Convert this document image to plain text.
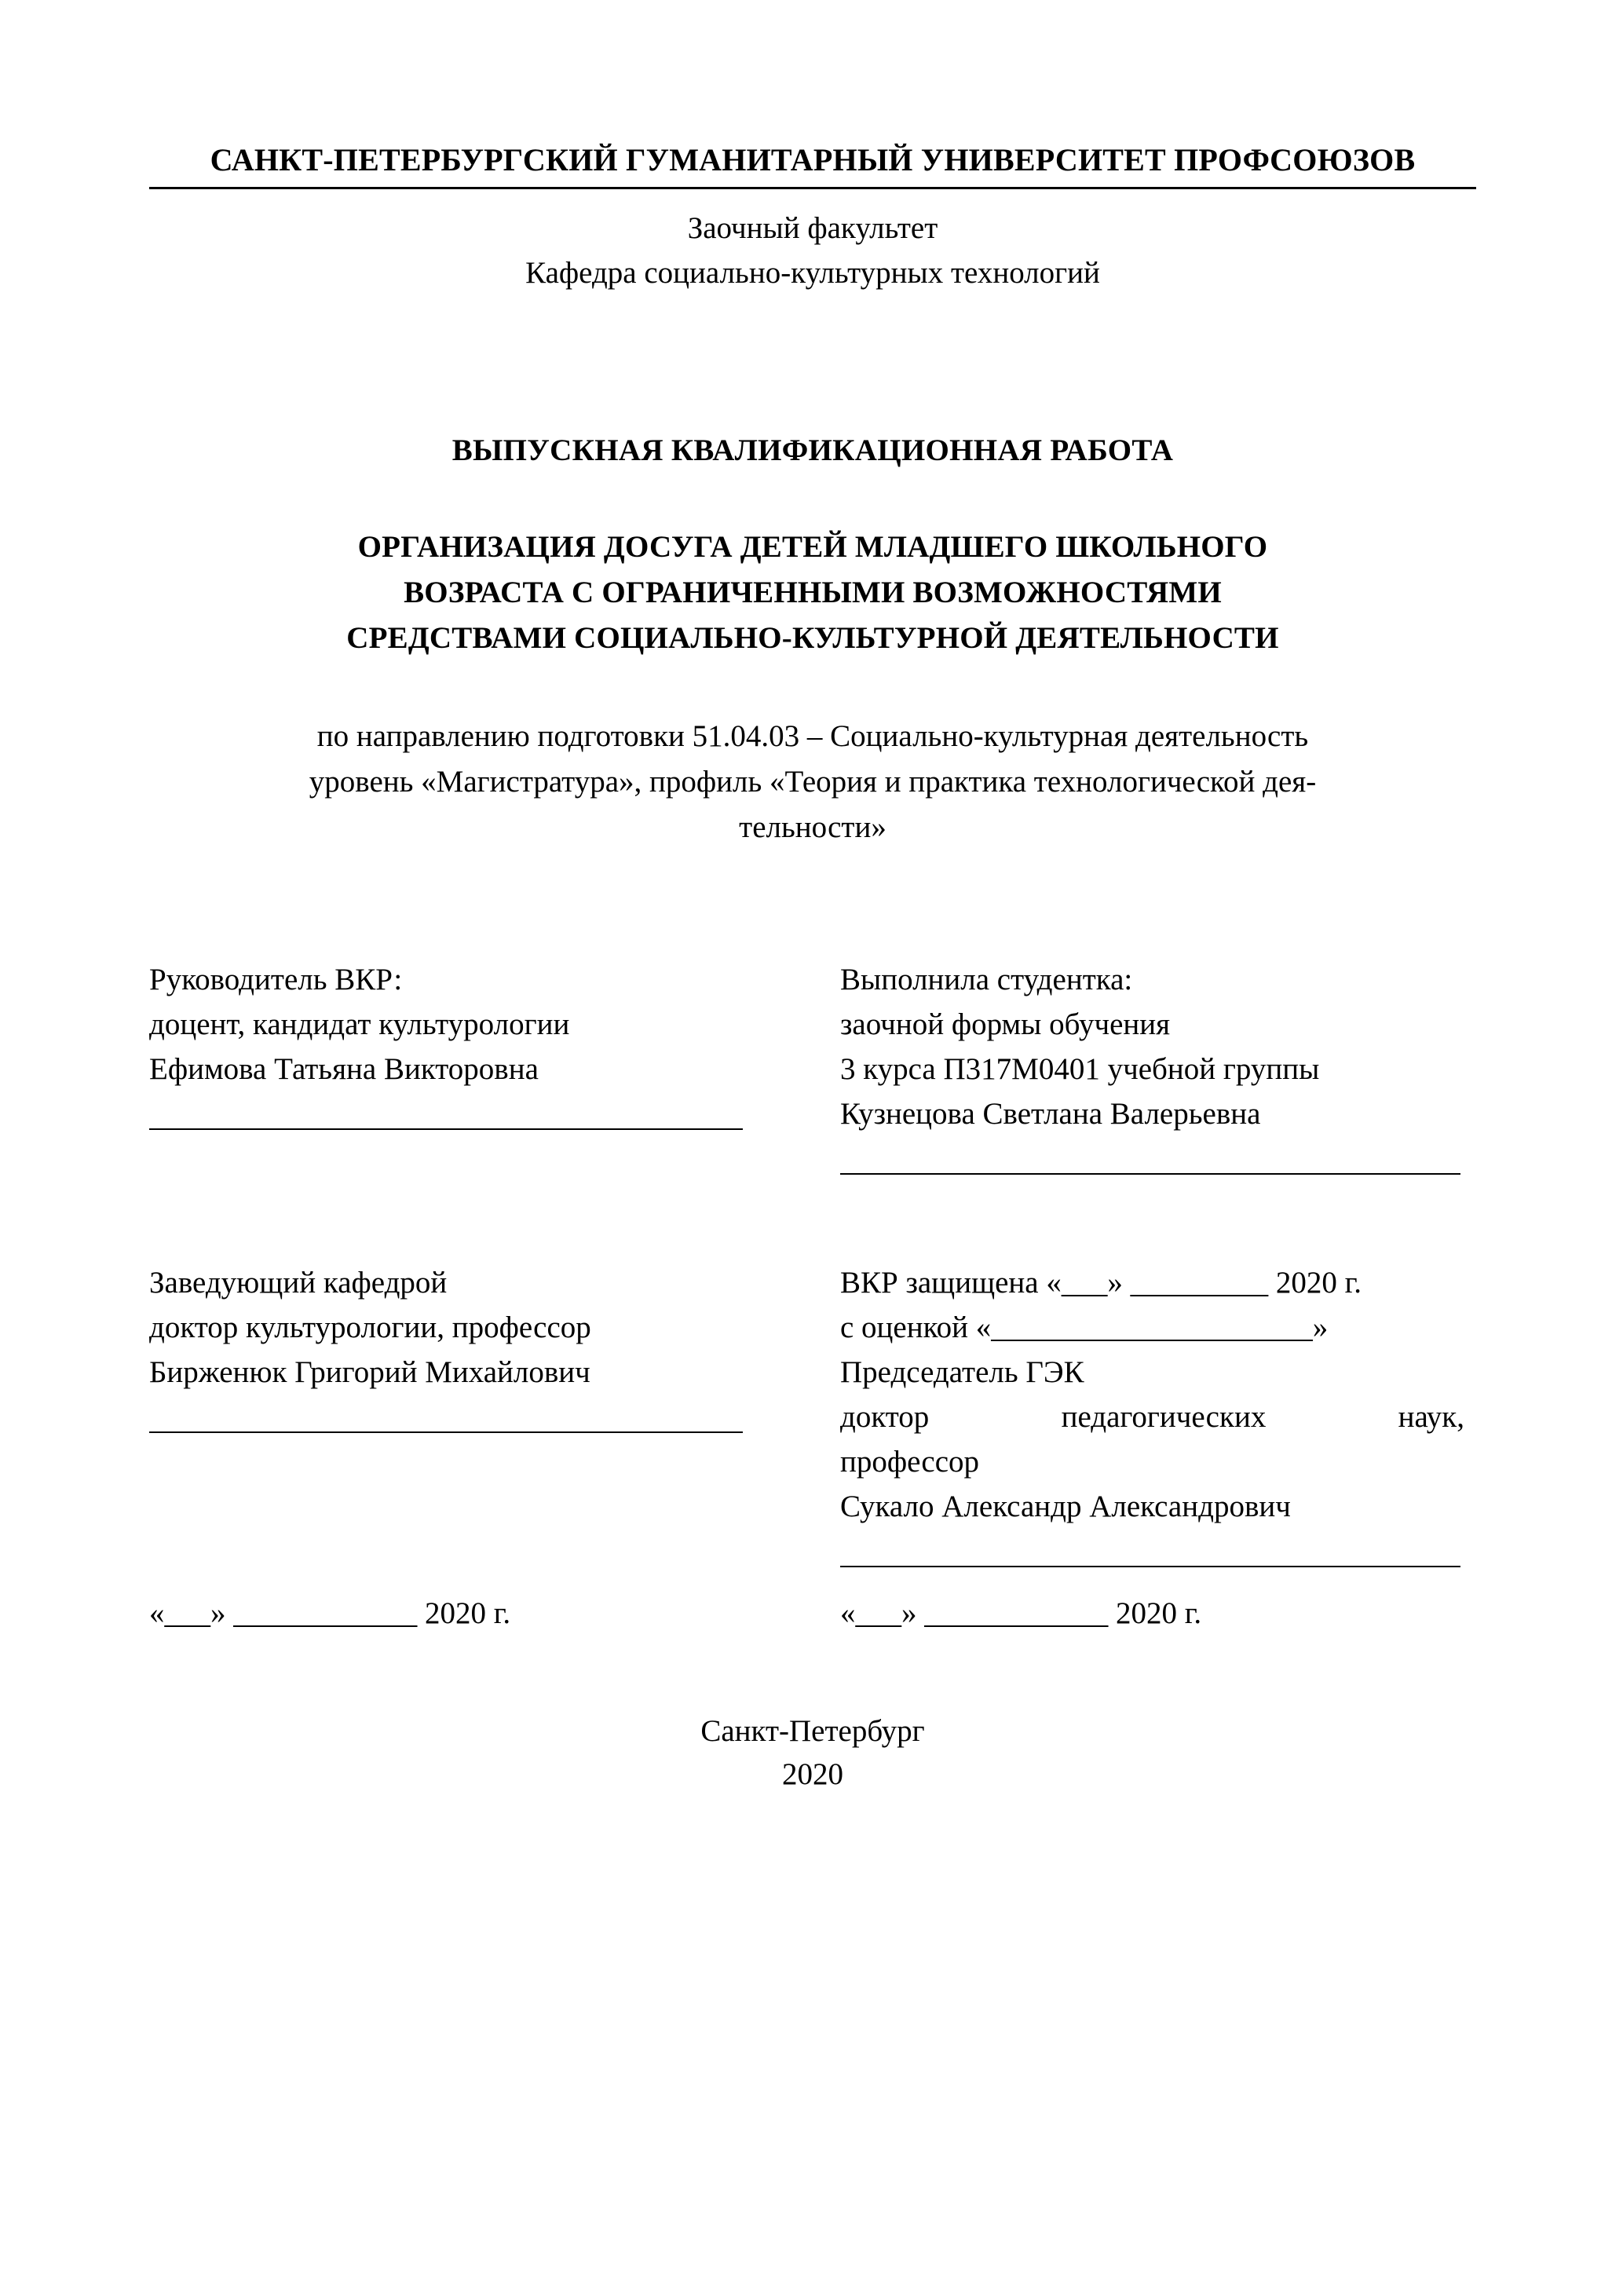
САНКТ-ПЕТЕРБУРГСКИЙ ГУМАНИТАРНЫЙ УНИВЕРСИТЕТ ПРОФСОЮЗОВ
Заочный факультет
Кафедра социально-культурных технологий
ВЫПУСКНАЯ КВАЛИФИКАЦИОННАЯ РАБОТА
ОРГАНИЗАЦИЯ ДОСУГА ДЕТЕЙ МЛАДШЕГО ШКОЛЬНОГО
ВОЗРАСТА С ОГРАНИЧЕННЫМИ ВОЗМОЖНОСТЯМИ
СРЕДСТВАМИ СОЦИАЛЬНО-КУЛЬТУРНОЙ ДЕЯТЕЛЬНОСТИ
по направлению подготовки 51.04.03 – Социально-культурная деятельность
уровень «Магистратура», профиль «Теория и практика технологической дея-
тельности»
Руководитель ВКР:
доцент, кандидат культурологии
Ефимова Татьяна Викторовна
Выполнила студентка:
заочной формы обучения
3 курса П317М0401 учебной группы
Кузнецова Светлана Валерьевна
Заведующий кафедрой
доктор культурологии, профессор
Бирженюк Григорий Михайлович
ВКР защищена «___» _________ 2020 г.
с оценкой «_____________________»
Председатель ГЭК
доктор	педагогических	наук,
профессор
Сукало Александр Александрович
«___» ____________ 2020 г.	«___» ____________ 2020 г.
Санкт-Петербург
2020
